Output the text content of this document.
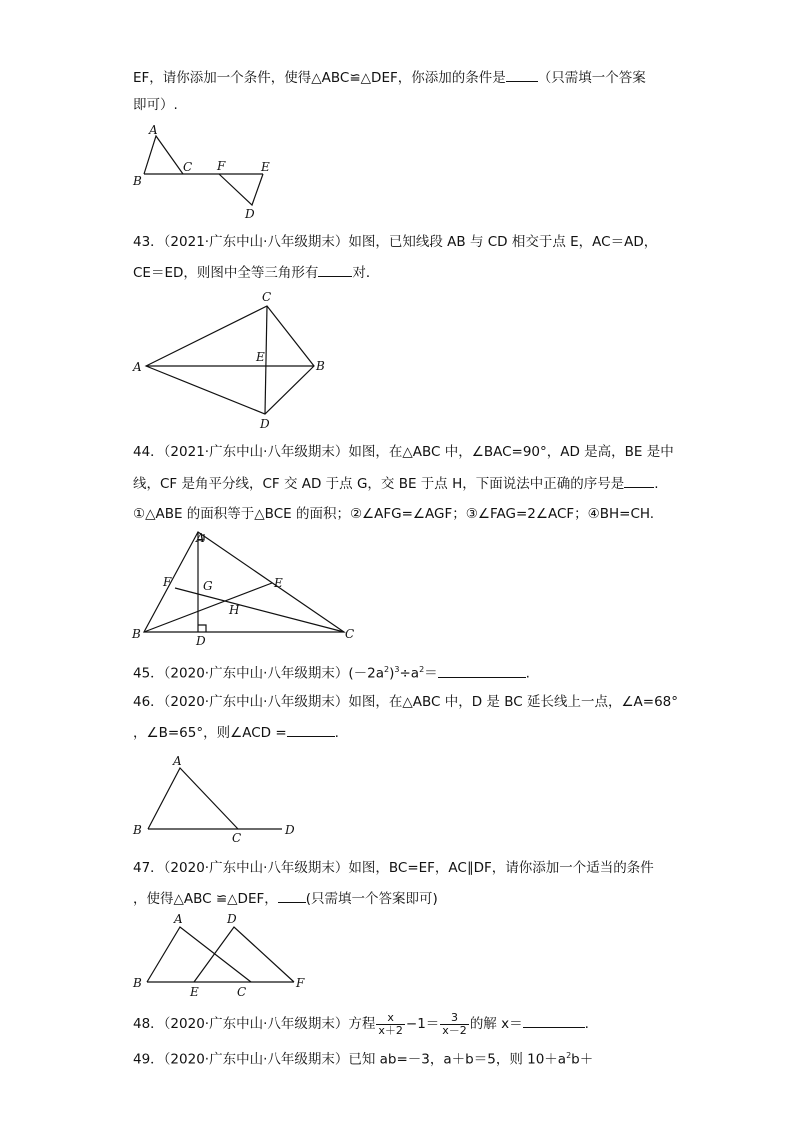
EF，请你添加一个条件，使得△ABC≌△DEF，你添加的条件是 （只需填一个答案
即可）.
A
B
C F	E
D
43．（2021·广东中山·八年级期末）如图，已知线段 AB 与 CD 相交于点 E，AC＝AD，
CE＝ED，则图中全等三角形有	对．
C
A
E
B
D
44．（2021·广东中山·八年级期末）如图，在△ABC 中，∠BAC=90°，AD 是高，BE 是中
线，CF 是角平分线，CF 交 AD 于点 G，交 BE 于点 H，下面说法中正确的序号是 .
①△ABE 的面积等于△BCE 的面积；②∠AFG=∠AGF；③∠FAG=2∠ACF；④BH=CH.
A
F	G	E
H
B	D	C
45．（2020·广东中山·八年级期末）$(-2a^2)^3\div a^2=$	.
46．（2020·广东中山·八年级期末）如图，在△ABC 中，D 是 BC 延长线上一点，∠A=68°
，∠B=65°，则∠ACD =	.
A
B
C
D
47．（2020·广东中山·八年级期末）如图，BC=EF，AC∥DF，请你添加一个适当的条件
，使得△ABC ≌△DEF， (只需填一个答案即可)
A	D
B
E	C
F
48．（2020·广东中山·八年级期末）方程 $\frac{x}{x+2} -1= \frac{3}{x-2}$ 的解 x＝	.
49．（2020·广东中山·八年级期末）已知 ab=－3，a＋b＝5，则 $10+a^2b+$
